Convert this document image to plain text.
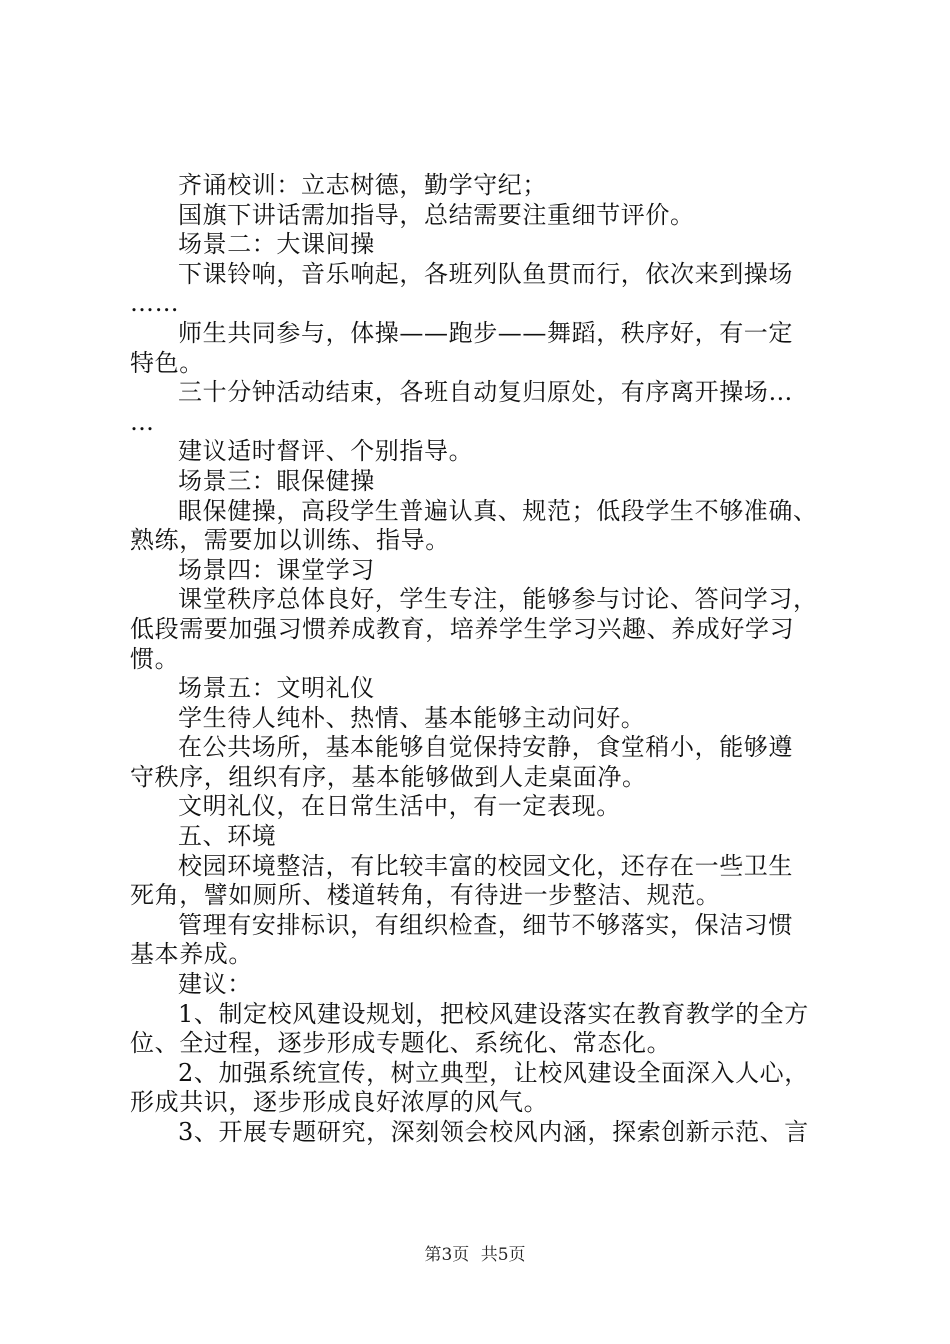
齐诵校训：立志树德，勤学守纪；
国旗下讲话需加指导，总结需要注重细节评价。
场景二：大课间操
下课铃响，音乐响起，各班列队鱼贯而行，依次来到操场
……
师生共同参与，体操——跑步——舞蹈，秩序好，有一定
特色。
三十分钟活动结束，各班自动复归原处，有序离开操场…
…
建议适时督评、个别指导。
场景三：眼保健操
眼保健操，高段学生普遍认真、规范；低段学生不够准确、
熟练，需要加以训练、指导。
场景四：课堂学习
课堂秩序总体良好，学生专注，能够参与讨论、答问学习，
低段需要加强习惯养成教育，培养学生学习兴趣、养成好学习
惯。
场景五：文明礼仪
学生待人纯朴、热情、基本能够主动问好。
在公共场所，基本能够自觉保持安静，食堂稍小，能够遵
守秩序，组织有序，基本能够做到人走桌面净。
文明礼仪，在日常生活中，有一定表现。
五、环境
校园环境整洁，有比较丰富的校园文化，还存在一些卫生
死角，譬如厕所、楼道转角，有待进一步整洁、规范。
管理有安排标识，有组织检查，细节不够落实，保洁习惯
基本养成。
建议：
1、制定校风建设规划，把校风建设落实在教育教学的全方
位、全过程，逐步形成专题化、系统化、常态化。
2、加强系统宣传，树立典型，让校风建设全面深入人心，
形成共识，逐步形成良好浓厚的风气。
3、开展专题研究，深刻领会校风内涵，探索创新示范、言
第3页 共5页
